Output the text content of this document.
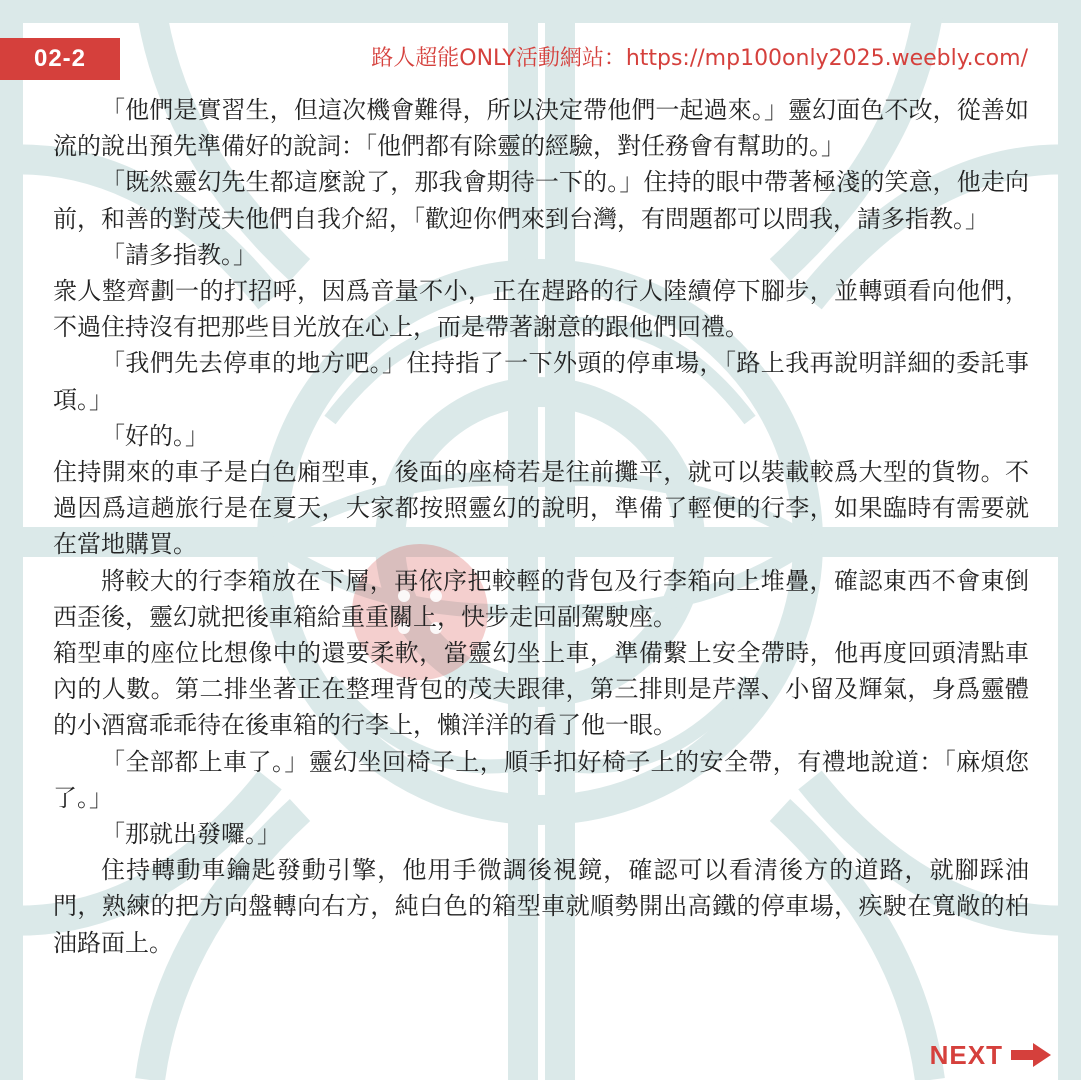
02-2	路人超能ONLY活動網站：https://mp100only2025.weebly.com/

「他們是實習生，但這次機會難得，所以決定帶他們一起過來。」靈幻面色不改，從善如流的說出預先準備好的說詞：「他們都有除靈的經驗，對任務會有幫助的。」

「既然靈幻先生都這麼說了，那我會期待一下的。」住持的眼中帶著極淺的笑意，他走向前，和善的對茂夫他們自我介紹，「歡迎你們來到台灣，有問題都可以問我，請多指教。」

「請多指教。」

衆人整齊劃一的打招呼，因爲音量不小，正在趕路的行人陸續停下腳步，並轉頭看向他們，不過住持沒有把那些目光放在心上，而是帶著謝意的跟他們回禮。

「我們先去停車的地方吧。」住持指了一下外頭的停車場，「路上我再說明詳細的委託事項。」

「好的。」

住持開來的車子是白色廂型車，後面的座椅若是往前攤平，就可以裝載較爲大型的貨物。不過因爲這趟旅行是在夏天，大家都按照靈幻的說明，準備了輕便的行李，如果臨時有需要就在當地購買。

將較大的行李箱放在下層，再依序把較輕的背包及行李箱向上堆疊，確認東西不會東倒西歪後，靈幻就把後車箱給重重關上，快步走回副駕駛座。

箱型車的座位比想像中的還要柔軟，當靈幻坐上車，準備繫上安全帶時，他再度回頭清點車內的人數。第二排坐著正在整理背包的茂夫跟律，第三排則是芹澤、小留及輝氣，身爲靈體的小酒窩乖乖待在後車箱的行李上，懶洋洋的看了他一眼。

「全部都上車了。」靈幻坐回椅子上，順手扣好椅子上的安全帶，有禮地說道：「麻煩您了。」

「那就出發囉。」

住持轉動車鑰匙發動引擎，他用手微調後視鏡，確認可以看清後方的道路，就腳踩油門，熟練的把方向盤轉向右方，純白色的箱型車就順勢開出高鐵的停車場，疾駛在寬敞的柏油路面上。

NEXT
